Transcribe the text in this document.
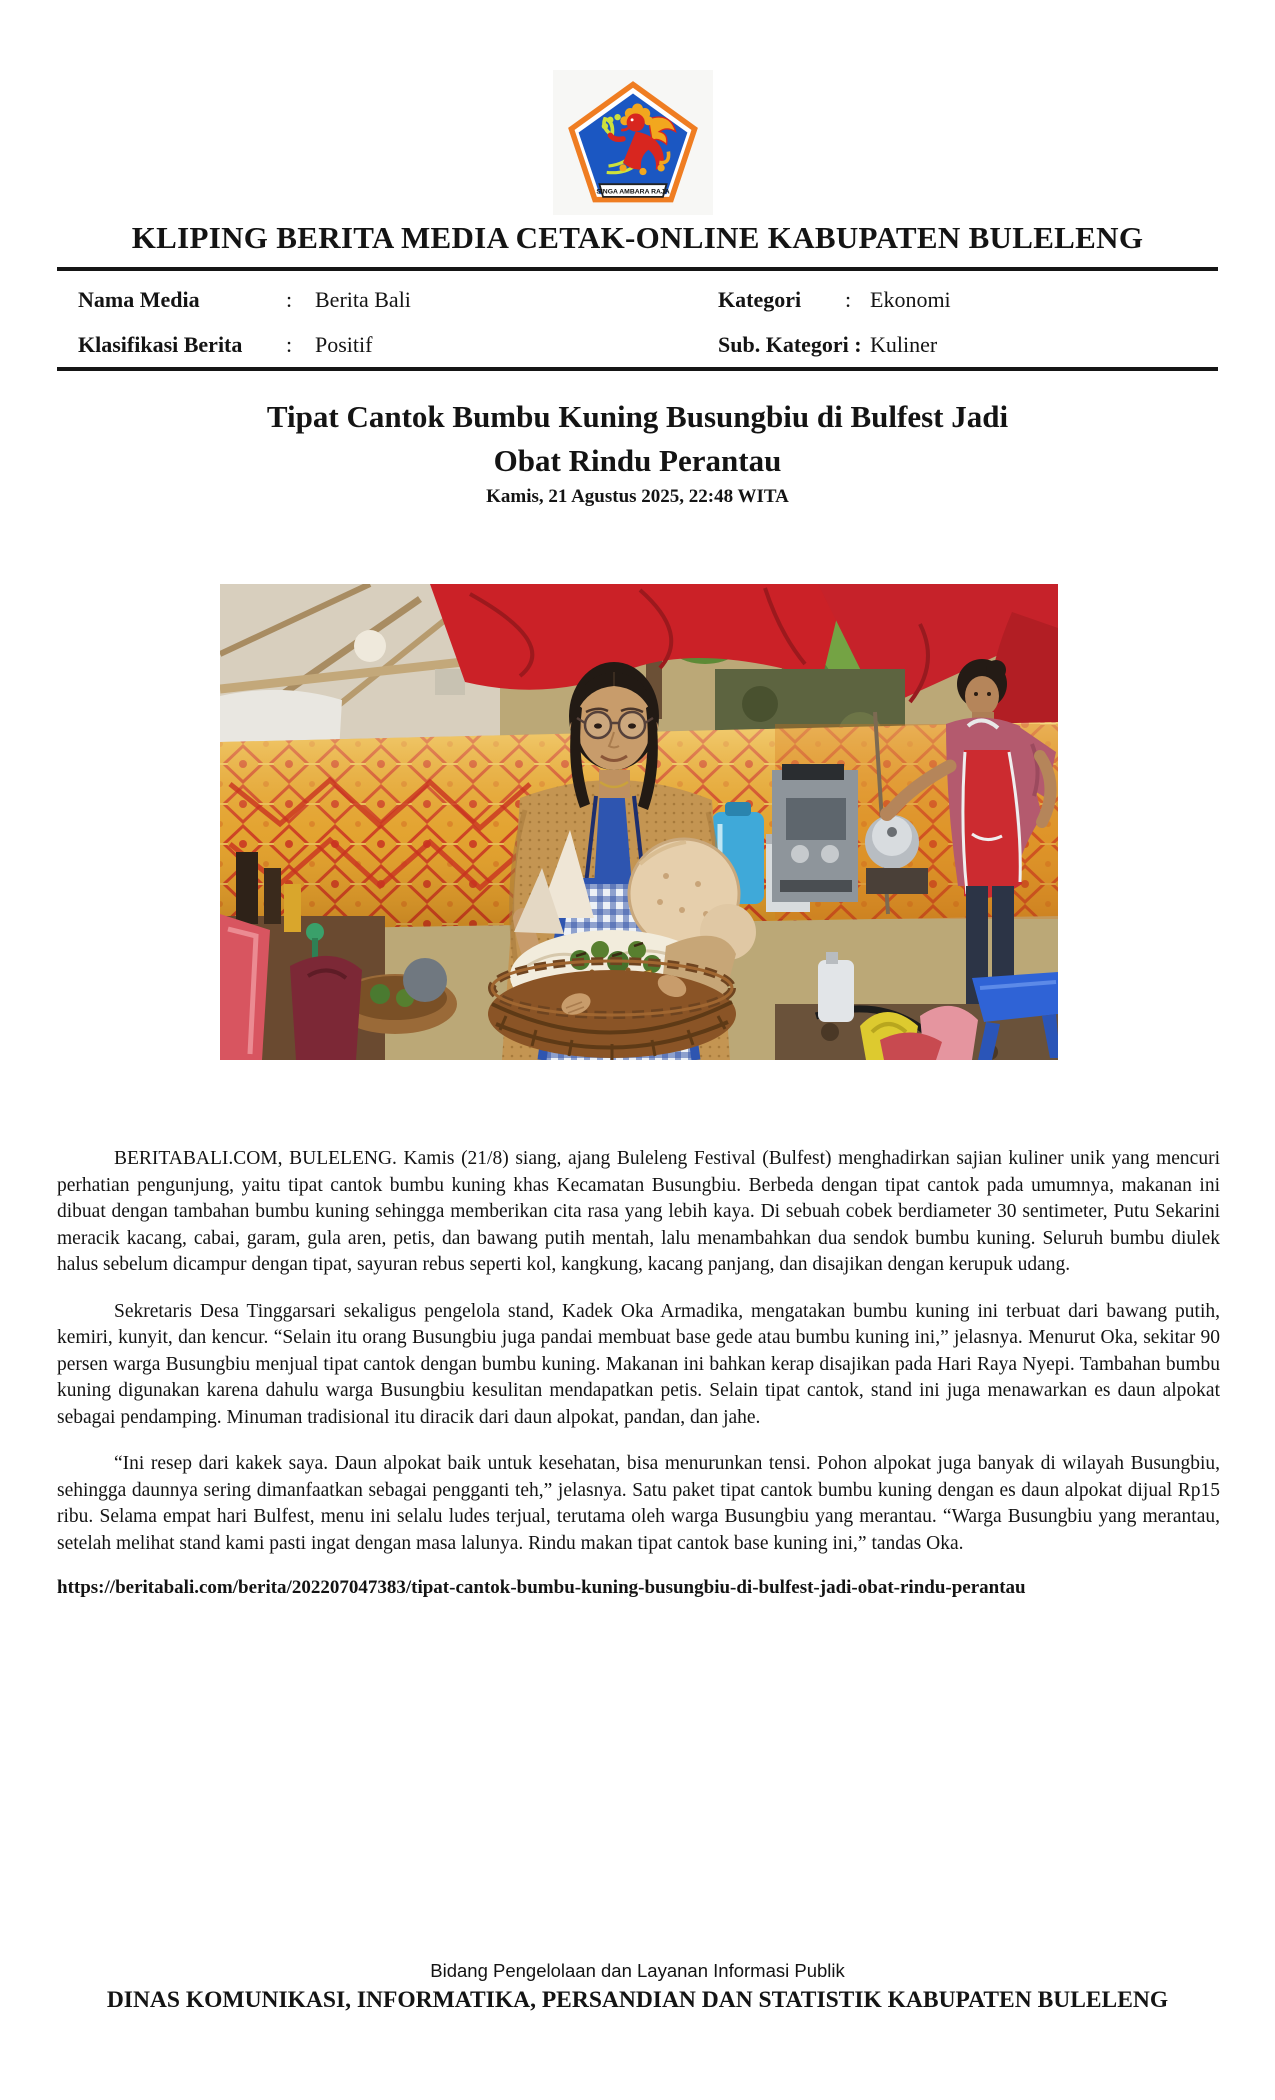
SINGA AMBARA RAJA
KLIPING BERITA MEDIA CETAK-ONLINE KABUPATEN BULELENG
Nama Media	: Berita Bali
Klasifikasi Berita : Positif
Kategori : Ekonomi
Sub. Kategori : Kuliner
Tipat Cantok Bumbu Kuning Busungbiu di Bulfest Jadi
Obat Rindu Perantau

Kamis, 21 Agustus 2025, 22:48 WITA

BERITABALI.COM, BULELENG. Kamis (21/8) siang, ajang Buleleng Festival (Bulfest) menghadirkan sajian kuliner unik yang mencuri perhatian pengunjung, yaitu tipat cantok bumbu kuning khas Kecamatan Busungbiu. Berbeda dengan tipat cantok pada umumnya, makanan ini dibuat dengan tambahan bumbu kuning sehingga memberikan cita rasa yang lebih kaya. Di sebuah cobek berdiameter 30 sentimeter, Putu Sekarini meracik kacang, cabai, garam, gula aren, petis, dan bawang putih mentah, lalu menambahkan dua sendok bumbu kuning. Seluruh bumbu diulek halus sebelum dicampur dengan tipat, sayuran rebus seperti kol, kangkung, kacang panjang, dan disajikan dengan kerupuk udang.

Sekretaris Desa Tinggarsari sekaligus pengelola stand, Kadek Oka Armadika, mengatakan bumbu kuning ini terbuat dari bawang putih, kemiri, kunyit, dan kencur. “Selain itu orang Busungbiu juga pandai membuat base gede atau bumbu kuning ini,” jelasnya. Menurut Oka, sekitar 90 persen warga Busungbiu menjual tipat cantok dengan bumbu kuning. Makanan ini bahkan kerap disajikan pada Hari Raya Nyepi. Tambahan bumbu kuning digunakan karena dahulu warga Busungbiu kesulitan mendapatkan petis. Selain tipat cantok, stand ini juga menawarkan es daun alpokat sebagai pendamping. Minuman tradisional itu diracik dari daun alpokat, pandan, dan jahe.

“Ini resep dari kakek saya. Daun alpokat baik untuk kesehatan, bisa menurunkan tensi. Pohon alpokat juga banyak di wilayah Busungbiu, sehingga daunnya sering dimanfaatkan sebagai pengganti teh,” jelasnya. Satu paket tipat cantok bumbu kuning dengan es daun alpokat dijual Rp15 ribu. Selama empat hari Bulfest, menu ini selalu ludes terjual, terutama oleh warga Busungbiu yang merantau. “Warga Busungbiu yang merantau, setelah melihat stand kami pasti ingat dengan masa lalunya. Rindu makan tipat cantok base kuning ini,” tandas Oka.

https://beritabali.com/berita/202207047383/tipat-cantok-bumbu-kuning-busungbiu-di-bulfest-jadi-obat-rindu-perantau

Bidang Pengelolaan dan Layanan Informasi Publik

DINAS KOMUNIKASI, INFORMATIKA, PERSANDIAN DAN STATISTIK KABUPATEN BULELENG
